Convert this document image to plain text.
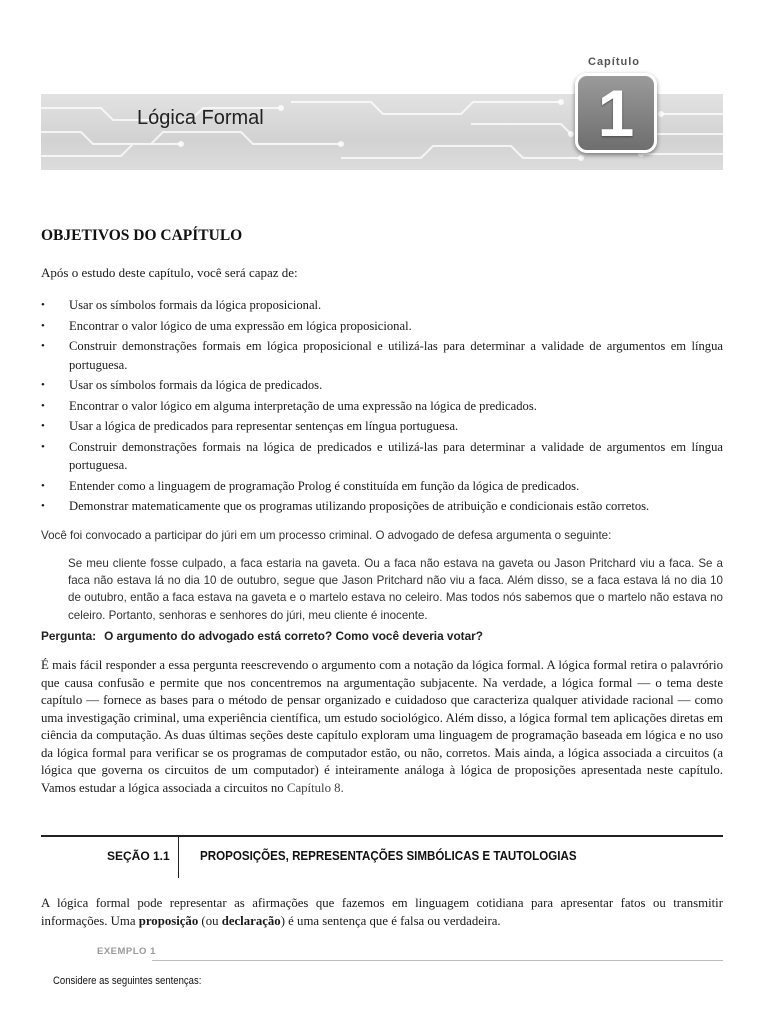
Capítulo
Lógica Formal	1
OBJETIVOS DO CAPÍTULO
Após o estudo deste capítulo, você será capaz de:
• Usar os símbolos formais da lógica proposicional.
• Encontrar o valor lógico de uma expressão em lógica proposicional.
• Construir demonstrações formais em lógica proposicional e utilizá-las para determinar a validade de argumentos em língua portuguesa.
• Usar os símbolos formais da lógica de predicados.
• Encontrar o valor lógico em alguma interpretação de uma expressão na lógica de predicados.
• Usar a lógica de predicados para representar sentenças em língua portuguesa.
• Construir demonstrações formais na lógica de predicados e utilizá-las para determinar a validade de argumentos em língua portuguesa.
• Entender como a linguagem de programação Prolog é constituída em função da lógica de predicados.
• Demonstrar matematicamente que os programas utilizando proposições de atribuição e condicionais estão corretos.
Você foi convocado a participar do júri em um processo criminal. O advogado de defesa argumenta o seguinte:
Se meu cliente fosse culpado, a faca estaria na gaveta. Ou a faca não estava na gaveta ou Jason Pritchard viu a faca. Se a faca não estava lá no dia 10 de outubro, segue que Jason Pritchard não viu a faca. Além disso, se a faca estava lá no dia 10 de outubro, então a faca estava na gaveta e o martelo estava no celeiro. Mas todos nós sabemos que o martelo não estava no celeiro. Portanto, senhoras e senhores do júri, meu cliente é inocente.
Pergunta: O argumento do advogado está correto? Como você deveria votar?
É mais fácil responder a essa pergunta reescrevendo o argumento com a notação da lógica formal. A lógica formal retira o palavrório que causa confusão e permite que nos concentremos na argumentação subjacente. Na verdade, a lógica formal — o tema deste capítulo — fornece as bases para o método de pensar organizado e cuidadoso que caracteriza qualquer atividade racional — como uma investigação criminal, uma experiência científica, um estudo sociológico. Além disso, a lógica formal tem aplicações diretas em ciência da computação. As duas últimas seções deste capítulo exploram uma linguagem de programação baseada em lógica e no uso da lógica formal para verificar se os programas de computador estão, ou não, corretos. Mais ainda, a lógica associada a circuitos (a lógica que governa os circuitos de um computador) é inteiramente análoga à lógica de proposições apresentada neste capítulo. Vamos estudar a lógica associada a circuitos no Capítulo 8.
SEÇÃO 1.1 PROPOSIÇÕES, REPRESENTAÇÕES SIMBÓLICAS E TAUTOLOGIAS
A lógica formal pode representar as afirmações que fazemos em linguagem cotidiana para apresentar fatos ou transmitir informações. Uma proposição (ou declaração) é uma sentença que é falsa ou verdadeira.
EXEMPLO 1
Considere as seguintes sentenças:
